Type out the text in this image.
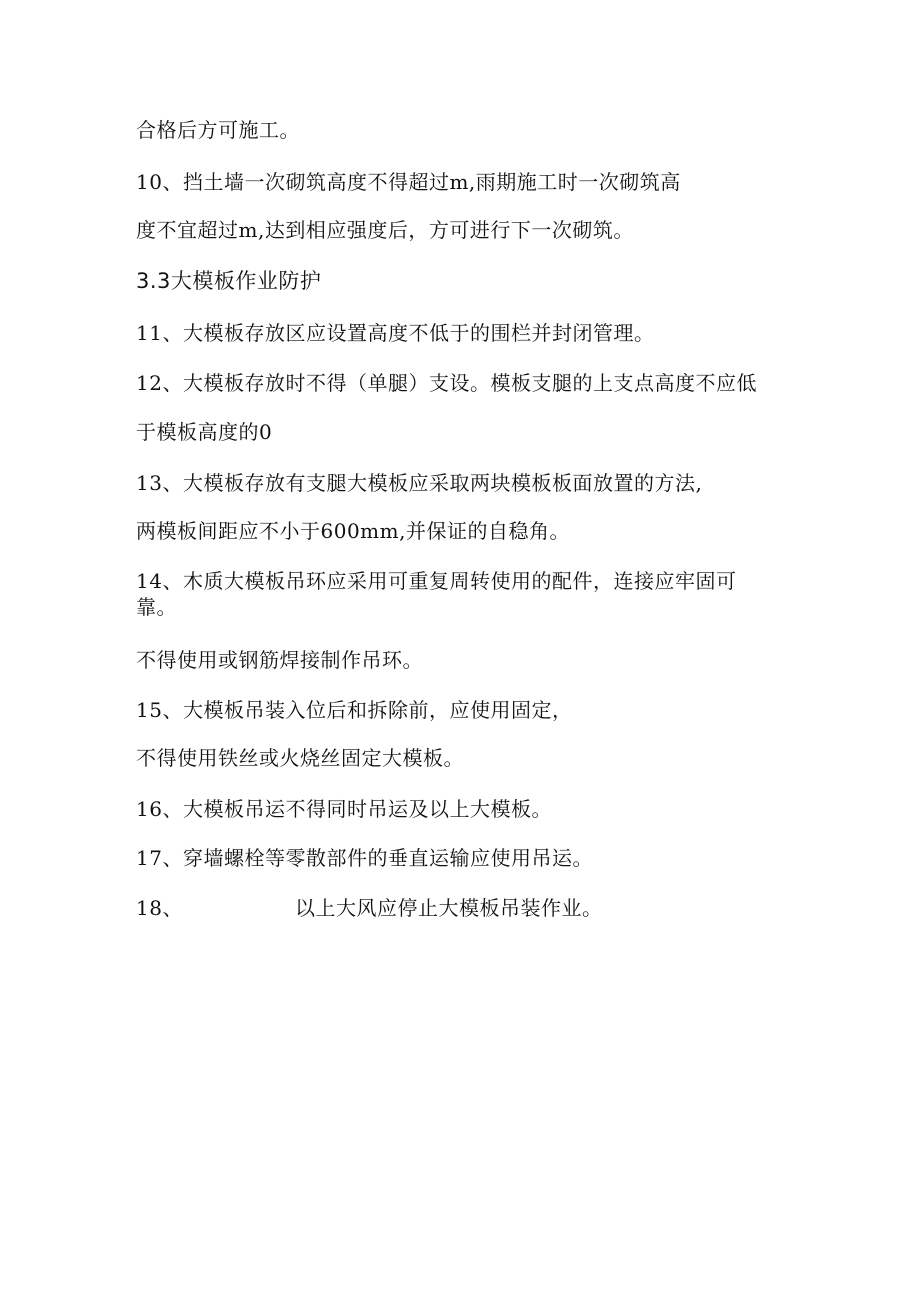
合格后方可施工。
10、挡土墙一次砌筑高度不得超过m,雨期施工时一次砌筑高
度不宜超过m,达到相应强度后，方可进行下一次砌筑。
3.3大模板作业防护
11、大模板存放区应设置高度不低于的围栏并封闭管理。
12、大模板存放时不得（单腿）支设。模板支腿的上支点高度不应低
于模板高度的0
13、大模板存放有支腿大模板应采取两块模板板面放置的方法,
两模板间距应不小于600mm,并保证的自稳角。
14、木质大模板吊环应采用可重复周转使用的配件，连接应牢固可
靠。
不得使用或钢筋焊接制作吊环。
15、大模板吊装入位后和拆除前，应使用固定，
不得使用铁丝或火烧丝固定大模板。
16、大模板吊运不得同时吊运及以上大模板。
17、穿墙螺栓等零散部件的垂直运输应使用吊运。
18、	以上大风应停止大模板吊装作业。
